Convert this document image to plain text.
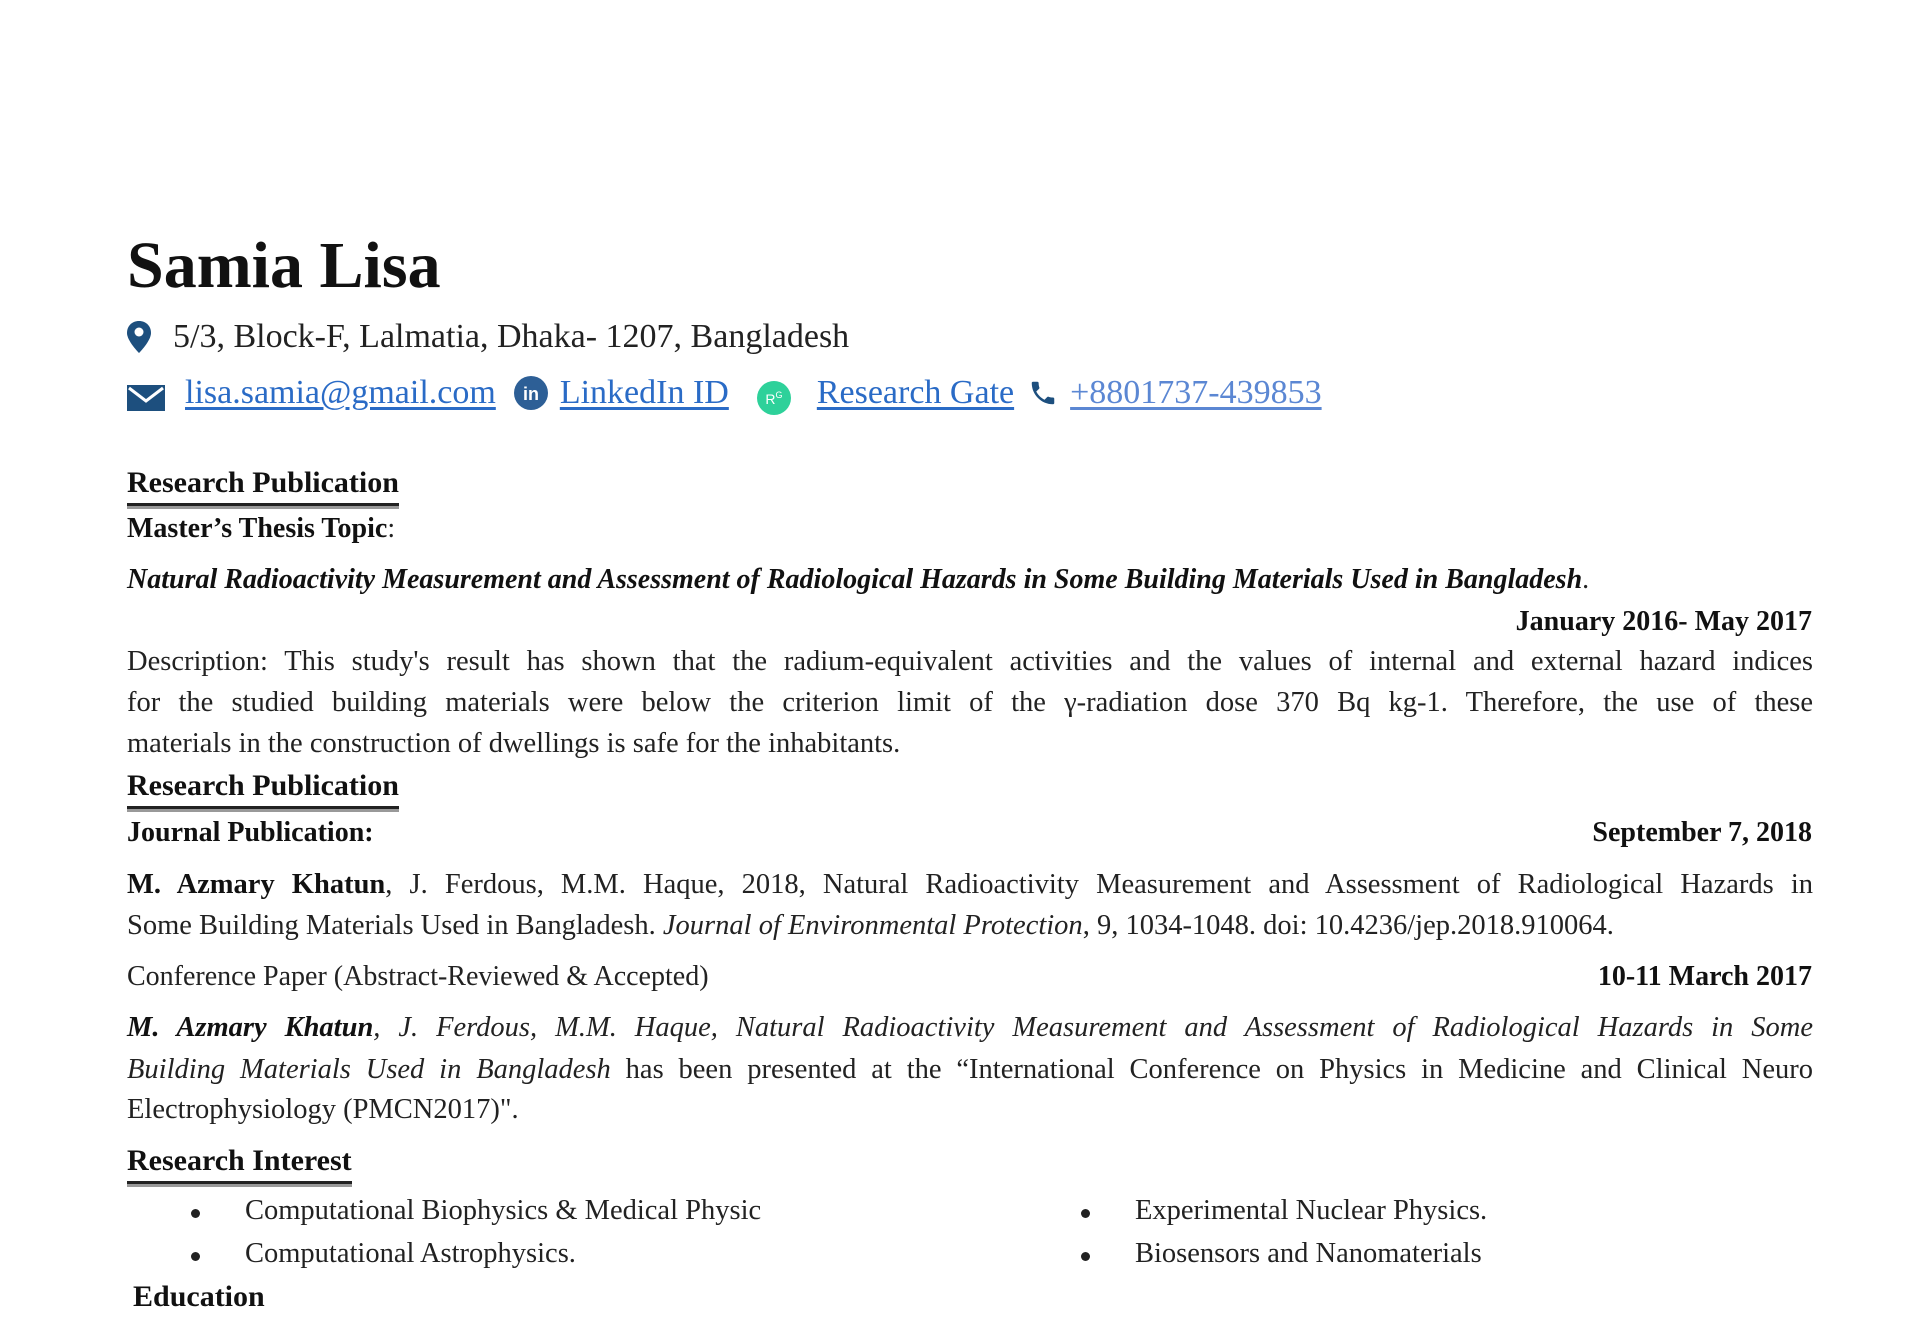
Samia Lisa
5/3, Block-F, Lalmatia, Dhaka- 1207, Bangladesh
lisa.samia@gmail.com in LinkedIn ID	$R^G$ Research Gate +8801737-439853
Research Publication
Master’s Thesis Topic:
Natural Radioactivity Measurement and Assessment of Radiological Hazards in Some Building Materials Used in Bangladesh.
January 2016- May 2017
Description: This study's result has shown that the radium-equivalent activities and the values of internal and external hazard indices
for the studied building materials were below the criterion limit of the γ-radiation dose 370 Bq kg-1. Therefore, the use of these
materials in the construction of dwellings is safe for the inhabitants.
Research Publication
Journal Publication:	September 7, 2018
M. Azmary Khatun, J. Ferdous, M.M. Haque, 2018, Natural Radioactivity Measurement and Assessment of Radiological Hazards in
Some Building Materials Used in Bangladesh. Journal of Environmental Protection, 9, 1034-1048. doi: 10.4236/jep.2018.910064.
Conference Paper (Abstract-Reviewed & Accepted)	10-11 March 2017
M. Azmary Khatun, J. Ferdous, M.M. Haque, Natural Radioactivity Measurement and Assessment of Radiological Hazards in Some
Building Materials Used in Bangladesh has been presented at the “International Conference on Physics in Medicine and Clinical Neuro
Electrophysiology (PMCN2017)".
Research Interest
Computational Biophysics & Medical Physic	Experimental Nuclear Physics.
Computational Astrophysics.	Biosensors and Nanomaterials
Education
